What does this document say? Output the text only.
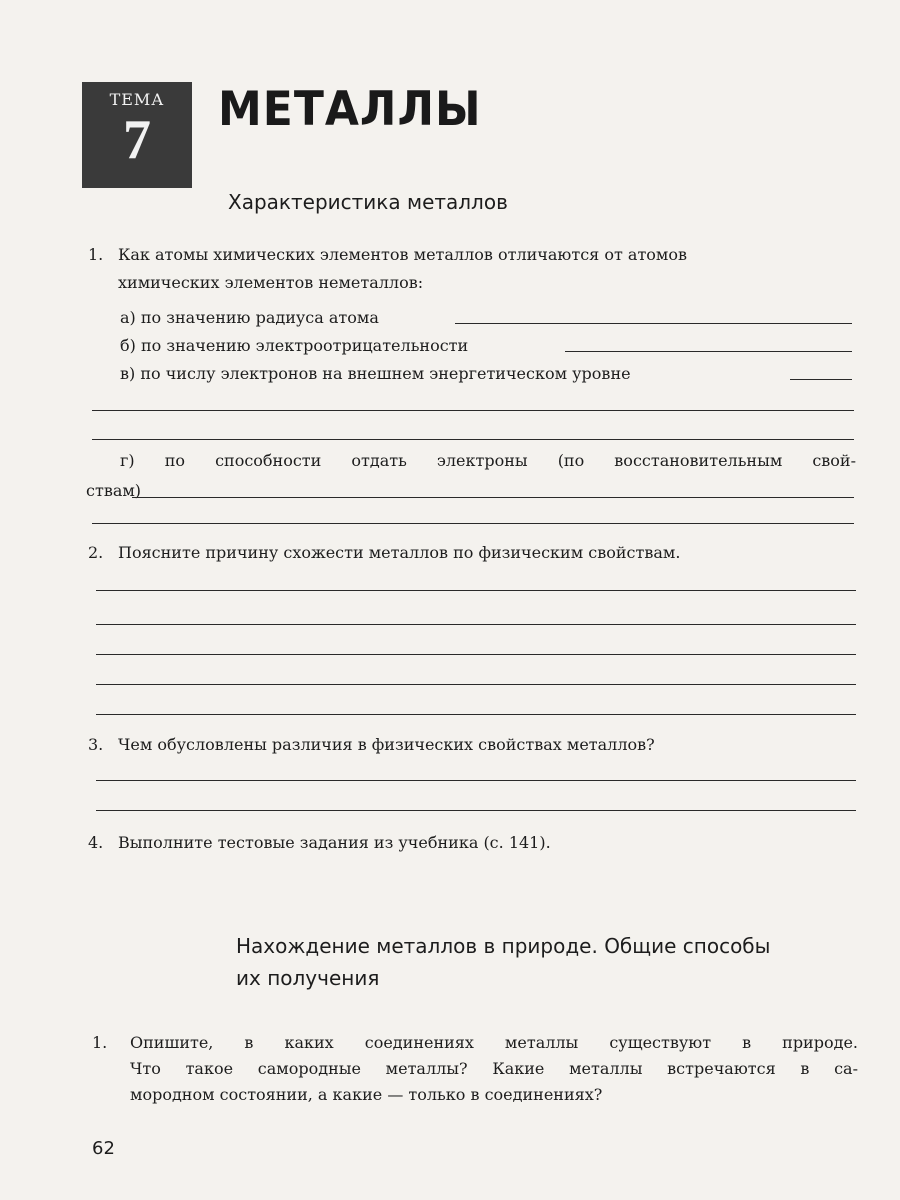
ТЕМА
7	МЕТАЛЛЫ
Характеристика металлов
1. Как атомы химических элементов металлов отличаются от атомов
химических элементов неметаллов:
а) по значению радиуса атома
б) по значению электроотрицательности
в) по числу электронов на внешнем энергетическом уровне
г) по способности отдать электроны (по восстановительным свой-
ствам)
2. Поясните причину схожести металлов по физическим свойствам.
3. Чем обусловлены различия в физических свойствах металлов?
4. Выполните тестовые задания из учебника (с. 141).
Нахождение металлов в природе. Общие способы
их получения
1. Опишите, в каких соединениях металлы существуют в природе.
Что такое самородные металлы? Какие металлы встречаются в са-
мородном состоянии, а какие — только в соединениях?
62
